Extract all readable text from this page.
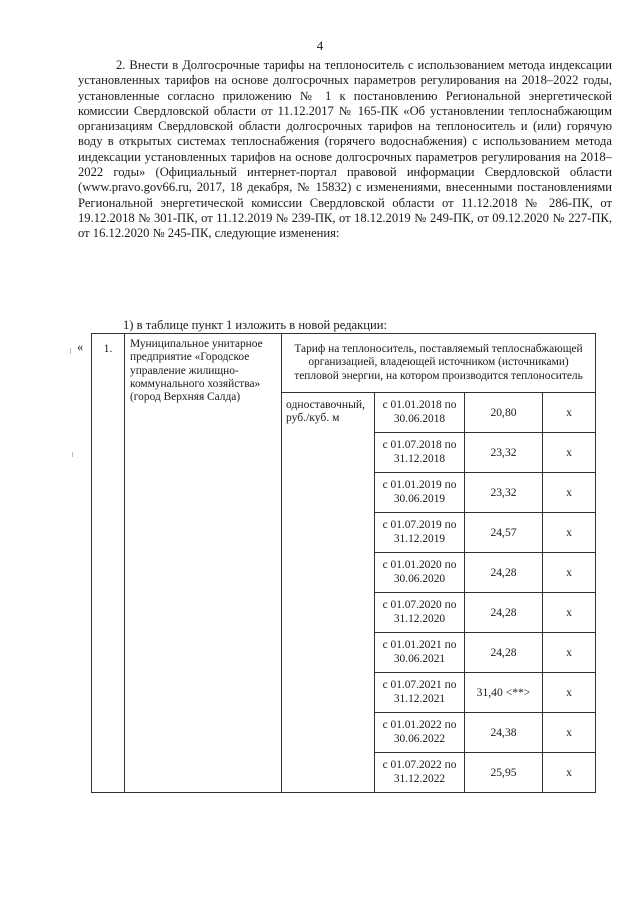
4

2. Внести в Долгосрочные тарифы на теплоноситель с использованием метода индексации установленных тарифов на основе долгосрочных параметров регулирования на 2018–2022 годы, установленные согласно приложению № 1 к постановлению Региональной энергетической комиссии Свердловской области от 11.12.2017 № 165-ПК «Об установлении теплоснабжающим организациям Свердловской области долгосрочных тарифов на теплоноситель и (или) горячую воду в открытых системах теплоснабжения (горячего водоснабжения) с использованием метода индексации установленных тарифов на основе долгосрочных параметров регулирования на 2018–2022 годы» (Официальный интернет-портал правовой информации Свердловской области (www.pravo.gov66.ru, 2017, 18 декабря, № 15832) с изменениями, внесенными постановлениями Региональной энергетической комиссии Свердловской области от 11.12.2018 № 286-ПК, от 19.12.2018 № 301-ПК, от 11.12.2019 № 239-ПК, от 18.12.2019 № 249-ПК, от 09.12.2020 № 227-ПК, от 16.12.2020 № 245-ПК, следующие изменения:

1) в таблице пункт 1 изложить в новой редакции:
« 1.	Муниципальное унитарное предприятие «Городское управление жилищно-коммунального хозяйства» (город Верхняя Салда)	Тариф на теплоноситель, поставляемый теплоснабжающей организацией, владеющей источником (источниками) тепловой энергии, на котором производится теплоноситель			
		одноставочный, руб./куб. м	с 01.01.2018 по 30.06.2018	20,80	х
			с 01.07.2018 по 31.12.2018	23,32	х
			с 01.01.2019 по 30.06.2019	23,32	х
			с 01.07.2019 по 31.12.2019	24,57	х
			с 01.01.2020 по 30.06.2020	24,28	х
			с 01.07.2020 по 31.12.2020	24,28	х
			с 01.01.2021 по 30.06.2021	24,28	х
			с 01.07.2021 по 31.12.2021	31,40 <**>	х
			с 01.01.2022 по 30.06.2022	24,38	х
			с 01.07.2022 по 31.12.2022	25,95	х
